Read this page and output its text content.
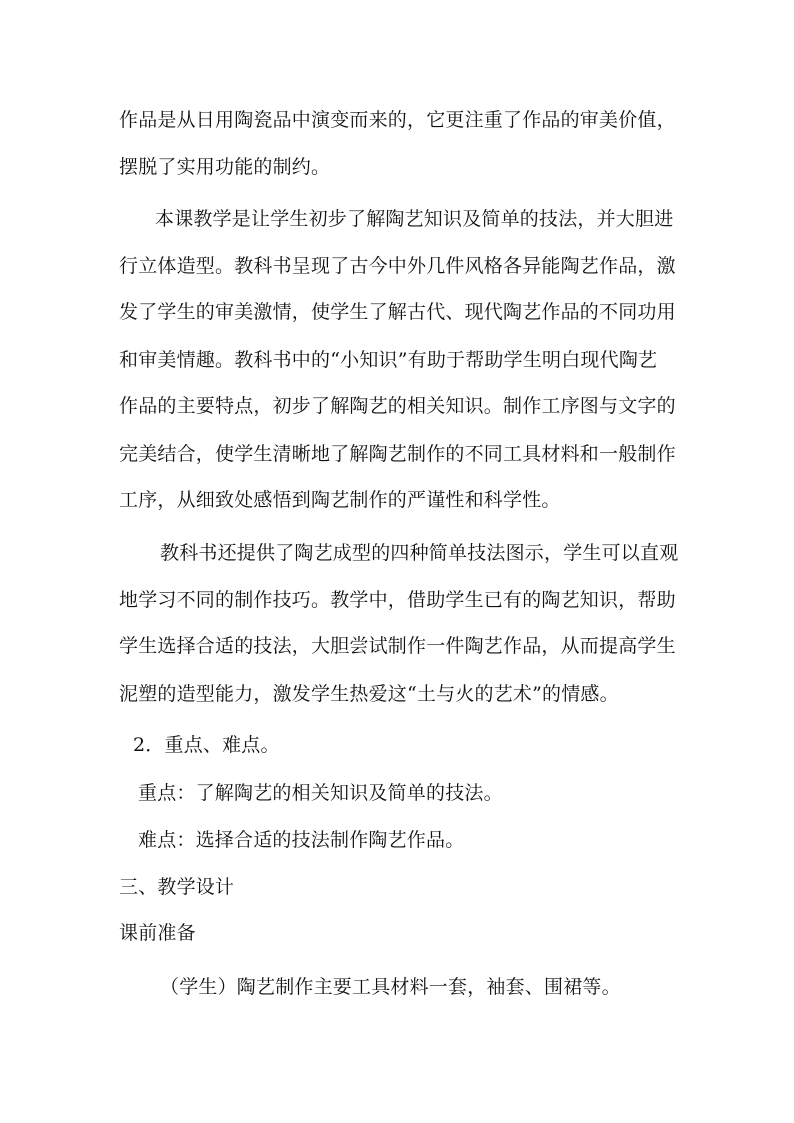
作品是从日用陶瓷品中演变而来的，它更注重了作品的审美价值，
摆脱了实用功能的制约。
本课教学是让学生初步了解陶艺知识及简单的技法，并大胆进
行立体造型。教科书呈现了古今中外几件风格各异能陶艺作品，激
发了学生的审美激情，使学生了解古代、现代陶艺作品的不同功用
和审美情趣。教科书中的“小知识”有助于帮助学生明白现代陶艺
作品的主要特点，初步了解陶艺的相关知识。制作工序图与文字的
完美结合，使学生清晰地了解陶艺制作的不同工具材料和一般制作
工序，从细致处感悟到陶艺制作的严谨性和科学性。
教科书还提供了陶艺成型的四种简单技法图示，学生可以直观
地学习不同的制作技巧。教学中，借助学生已有的陶艺知识，帮助
学生选择合适的技法，大胆尝试制作一件陶艺作品，从而提高学生
泥塑的造型能力，激发学生热爱这“土与火的艺术”的情感。
2．重点、难点。
重点：了解陶艺的相关知识及简单的技法。
难点：选择合适的技法制作陶艺作品。
三、教学设计
课前准备
（学生）陶艺制作主要工具材料一套，袖套、围裙等。
